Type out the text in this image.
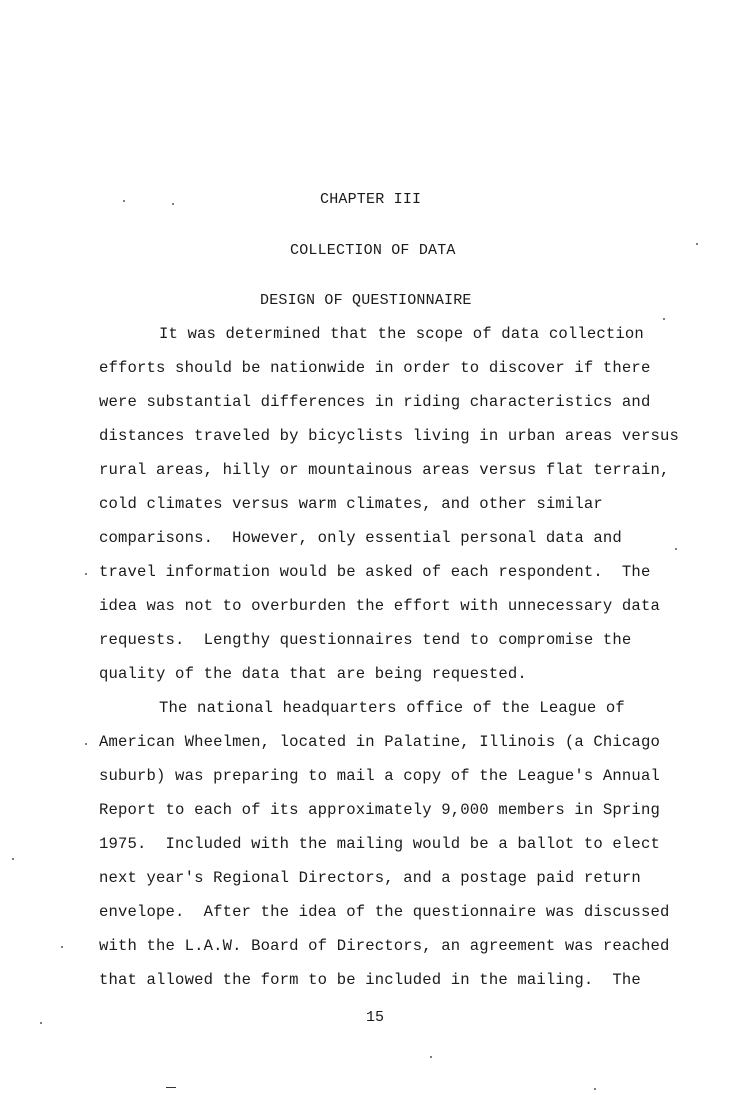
CHAPTER III
COLLECTION OF DATA
DESIGN OF QUESTIONNAIRE
It was determined that the scope of data collection
efforts should be nationwide in order to discover if there
were substantial differences in riding characteristics and
distances traveled by bicyclists living in urban areas versus
rural areas, hilly or mountainous areas versus flat terrain,
cold climates versus warm climates, and other similar
comparisons.  However, only essential personal data and
travel information would be asked of each respondent.  The
idea was not to overburden the effort with unnecessary data
requests.  Lengthy questionnaires tend to compromise the
quality of the data that are being requested.
The national headquarters office of the League of
American Wheelmen, located in Palatine, Illinois (a Chicago
suburb) was preparing to mail a copy of the League's Annual
Report to each of its approximately 9,000 members in Spring
1975.  Included with the mailing would be a ballot to elect
next year's Regional Directors, and a postage paid return
envelope.  After the idea of the questionnaire was discussed
with the L.A.W. Board of Directors, an agreement was reached
that allowed the form to be included in the mailing.  The
15
